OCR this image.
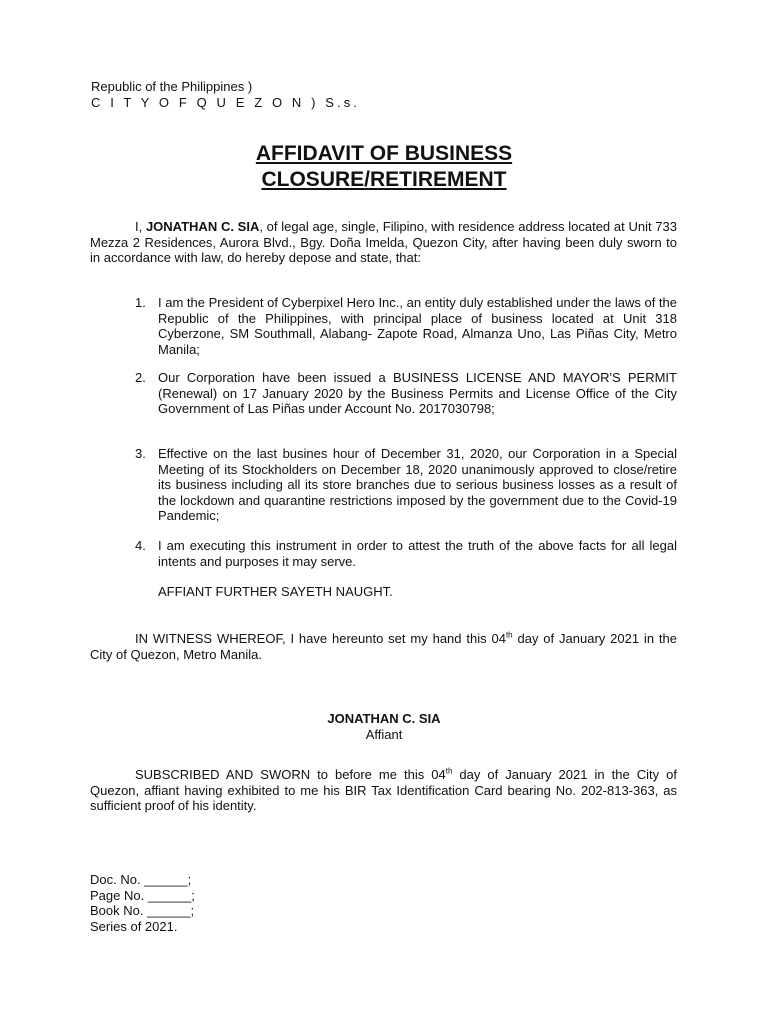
Republic of the Philippines )
C I T Y O F Q U E Z O N ) S.s.
AFFIDAVIT OF BUSINESS
CLOSURE/RETIREMENT
I, JONATHAN C. SIA, of legal age, single, Filipino, with residence address located at Unit 733 Mezza 2 Residences, Aurora Blvd., Bgy. Doña Imelda, Quezon City, after having been duly sworn to in accordance with law, do hereby depose and state, that:
1. I am the President of Cyberpixel Hero Inc., an entity duly established under the laws of the Republic of the Philippines, with principal place of business located at Unit 318 Cyberzone, SM Southmall, Alabang- Zapote Road, Almanza Uno, Las Piñas City, Metro Manila;
2. Our Corporation have been issued a BUSINESS LICENSE AND MAYOR'S PERMIT (Renewal) on 17 January 2020 by the Business Permits and License Office of the City Government of Las Piñas under Account No. 2017030798;
3. Effective on the last busines hour of December 31, 2020, our Corporation in a Special Meeting of its Stockholders on December 18, 2020 unanimously approved to close/retire its business including all its store branches due to serious business losses as a result of the lockdown and quarantine restrictions imposed by the government due to the Covid-19 Pandemic;
4. I am executing this instrument in order to attest the truth of the above facts for all legal intents and purposes it may serve.
AFFIANT FURTHER SAYETH NAUGHT.
IN WITNESS WHEREOF, I have hereunto set my hand this 04th day of January 2021 in the City of Quezon, Metro Manila.
JONATHAN C. SIA
Affiant
SUBSCRIBED AND SWORN to before me this 04th day of January 2021 in the City of Quezon, affiant having exhibited to me his BIR Tax Identification Card bearing No. 202-813-363, as sufficient proof of his identity.
Doc. No. ______;
Page No. ______;
Book No. ______;
Series of 2021.
